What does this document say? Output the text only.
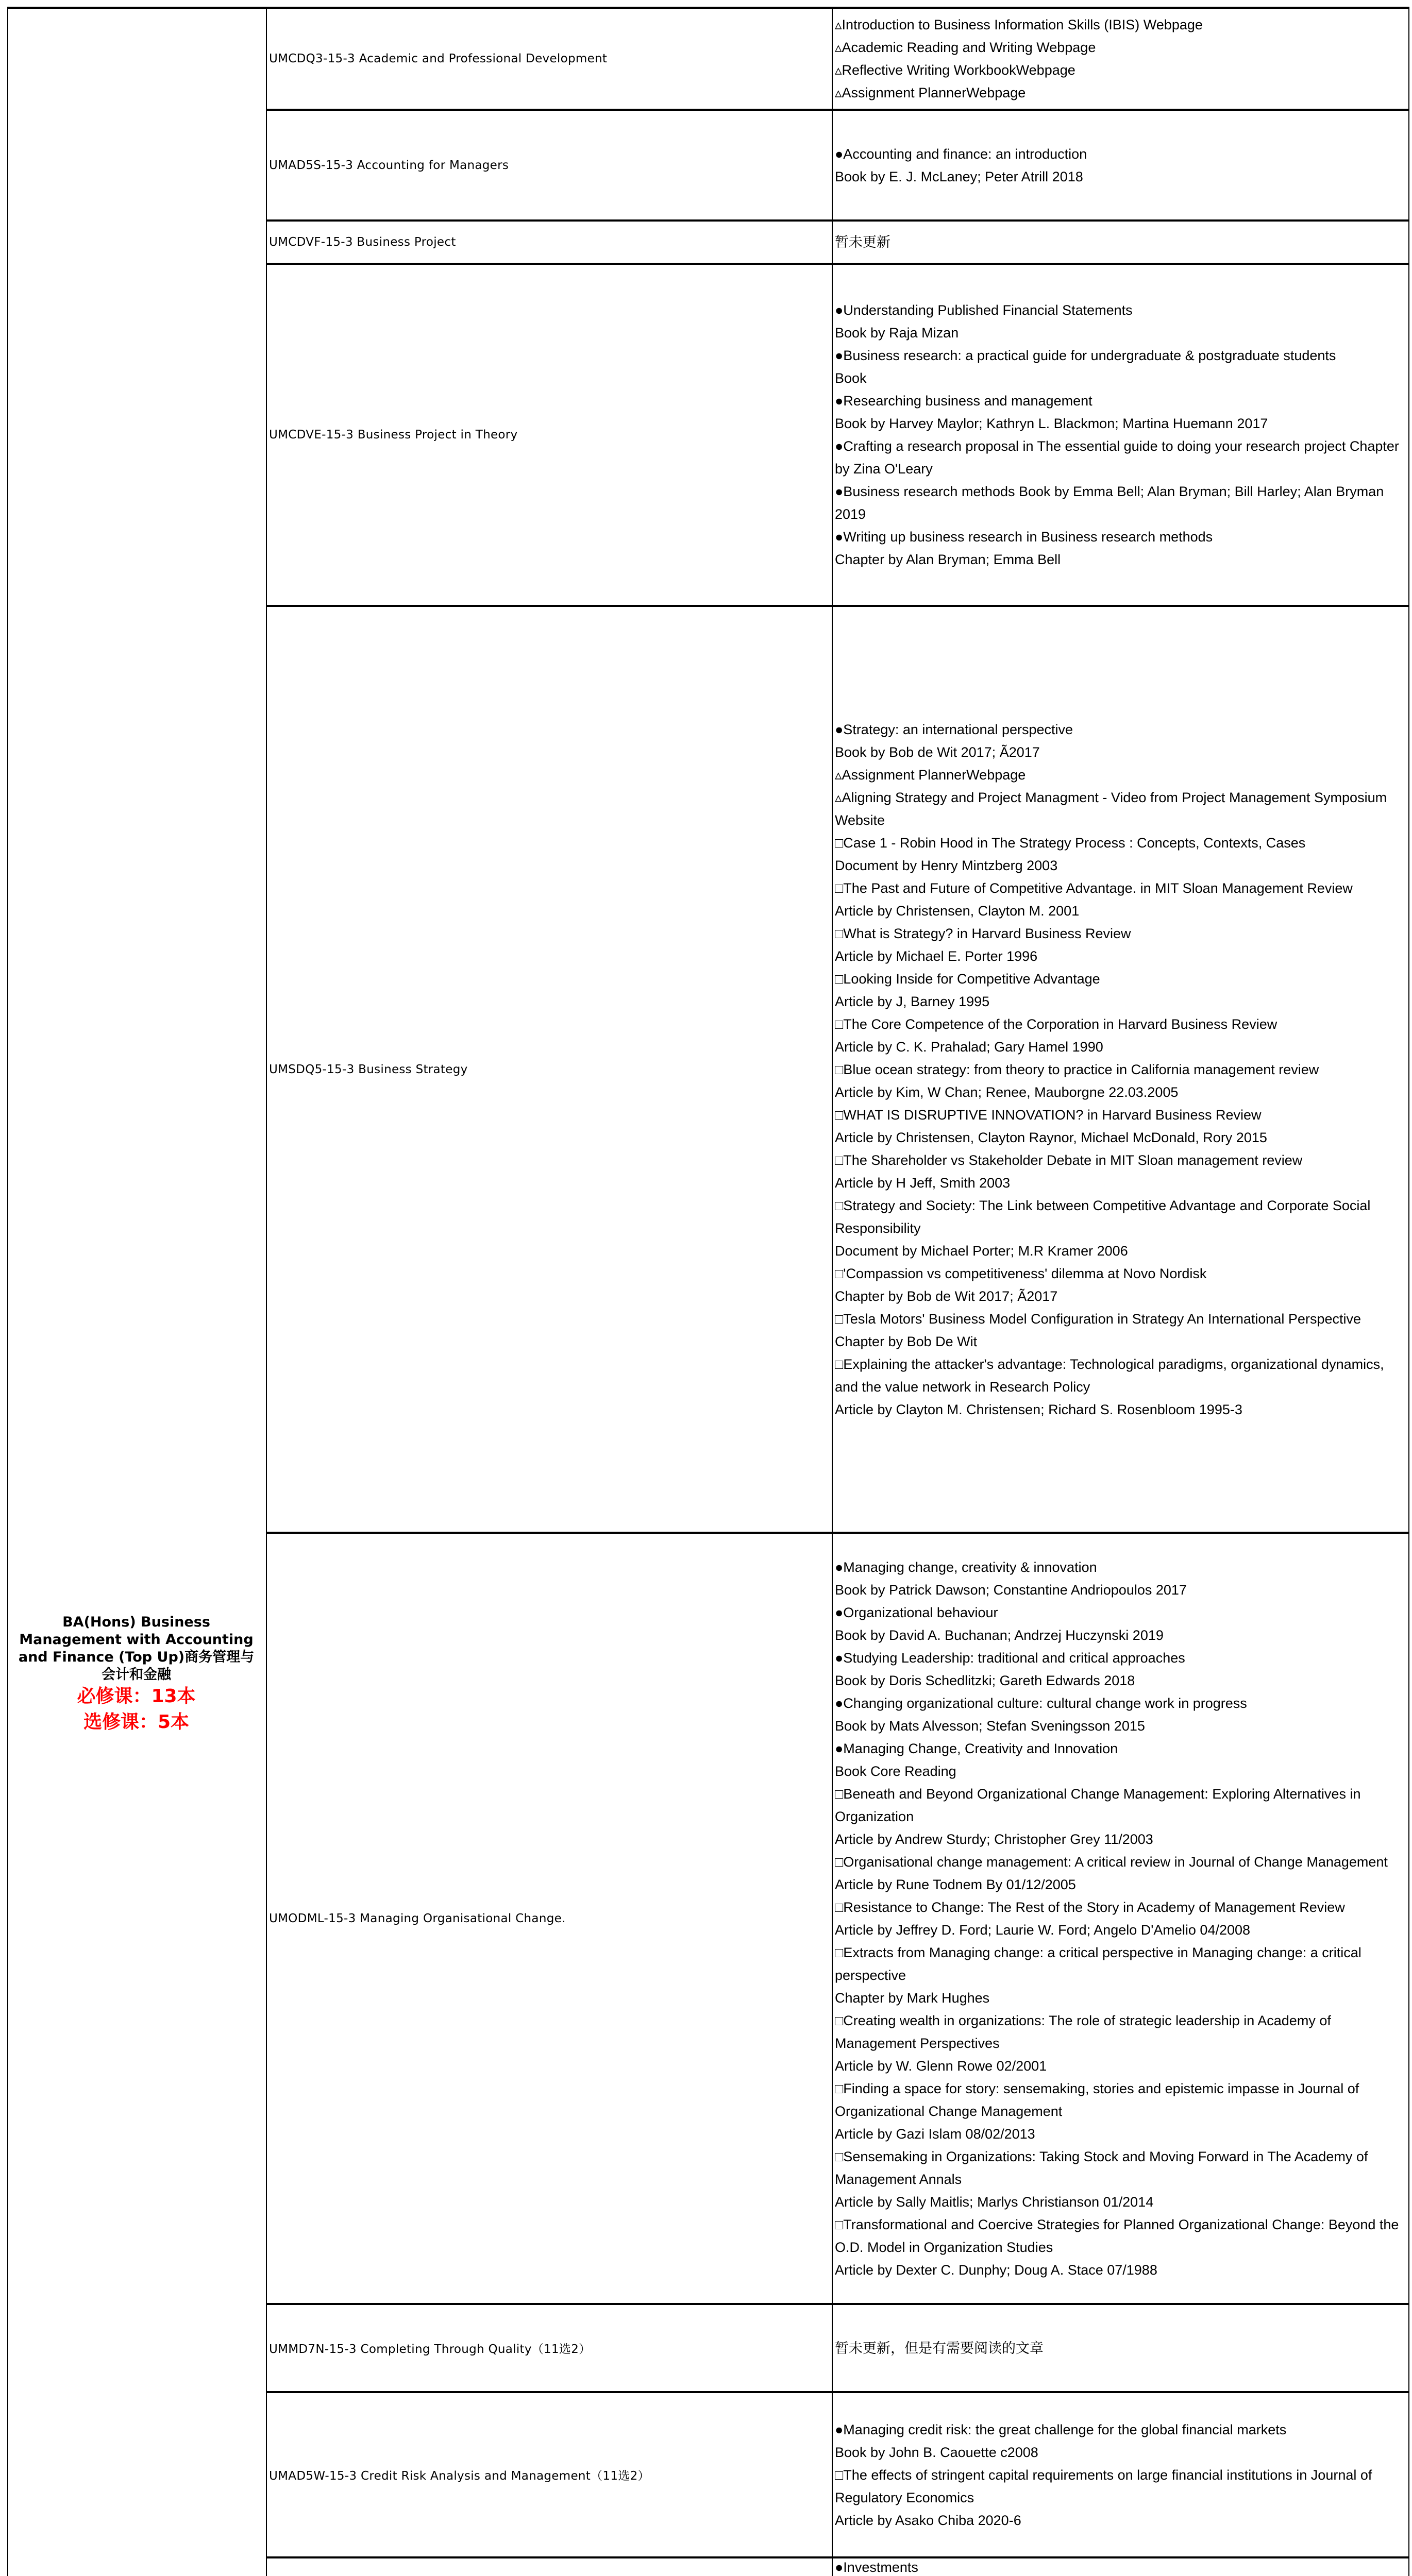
BA(Hons) Business Management with Accounting and Finance (Top Up)商务管理与会计和金融
必修课：13本
选修课：5本
UMCDQ3-15-3 Academic and Professional Development
▵Introduction to Business Information Skills (IBIS) Webpage
▵Academic Reading and Writing Webpage
▵Reflective Writing WorkbookWebpage
▵Assignment PlannerWebpage
UMAD5S-15-3 Accounting for Managers
●Accounting and finance: an introduction
Book by E. J. McLaney; Peter Atrill 2018
UMCDVF-15-3 Business Project	暂未更新
UMCDVE-15-3 Business Project in Theory
●Understanding Published Financial Statements
Book by Raja Mizan
●Business research: a practical guide for undergraduate & postgraduate students
Book
●Researching business and management
Book by Harvey Maylor; Kathryn L. Blackmon; Martina Huemann 2017
●Crafting a research proposal in The essential guide to doing your research project Chapter by Zina O'Leary
●Business research methods Book by Emma Bell; Alan Bryman; Bill Harley; Alan Bryman 2019
●Writing up business research in Business research methods
Chapter by Alan Bryman; Emma Bell
UMSDQ5-15-3 Business Strategy
●Strategy: an international perspective
Book by Bob de Wit 2017; Ã2017
▵Assignment PlannerWebpage
▵Aligning Strategy and Project Managment - Video from Project Management Symposium
Website
□Case 1 - Robin Hood in The Strategy Process : Concepts, Contexts, Cases
Document by Henry Mintzberg 2003
□The Past and Future of Competitive Advantage. in MIT Sloan Management Review
Article by Christensen, Clayton M. 2001
□What is Strategy? in Harvard Business Review
Article by Michael E. Porter 1996
□Looking Inside for Competitive Advantage
Article by J, Barney 1995
□The Core Competence of the Corporation in Harvard Business Review
Article by C. K. Prahalad; Gary Hamel 1990
□Blue ocean strategy: from theory to practice in California management review
Article by Kim, W Chan; Renee, Mauborgne 22.03.2005
□WHAT IS DISRUPTIVE INNOVATION? in Harvard Business Review
Article by Christensen, Clayton Raynor, Michael McDonald, Rory 2015
□The Shareholder vs Stakeholder Debate in MIT Sloan management review
Article by H Jeff, Smith 2003
□Strategy and Society: The Link between Competitive Advantage and Corporate Social Responsibility
Document by Michael Porter; M.R Kramer 2006
□'Compassion vs competitiveness' dilemma at Novo Nordisk
Chapter by Bob de Wit 2017; Ã2017
□Tesla Motors' Business Model Configuration in Strategy An International Perspective
Chapter by Bob De Wit
□Explaining the attacker's advantage: Technological paradigms, organizational dynamics, and the value network in Research Policy
Article by Clayton M. Christensen; Richard S. Rosenbloom 1995-3
UMODML-15-3 Managing Organisational Change.
●Managing change, creativity & innovation
Book by Patrick Dawson; Constantine Andriopoulos 2017
●Organizational behaviour
Book by David A. Buchanan; Andrzej Huczynski 2019
●Studying Leadership: traditional and critical approaches
Book by Doris Schedlitzki; Gareth Edwards 2018
●Changing organizational culture: cultural change work in progress
Book by Mats Alvesson; Stefan Sveningsson 2015
●Managing Change, Creativity and Innovation
Book Core Reading
□Beneath and Beyond Organizational Change Management: Exploring Alternatives in Organization
Article by Andrew Sturdy; Christopher Grey 11/2003
□Organisational change management: A critical review in Journal of Change Management
Article by Rune Todnem By 01/12/2005
□Resistance to Change: The Rest of the Story in Academy of Management Review
Article by Jeffrey D. Ford; Laurie W. Ford; Angelo D'Amelio 04/2008
□Extracts from Managing change: a critical perspective in Managing change: a critical perspective
Chapter by Mark Hughes
□Creating wealth in organizations: The role of strategic leadership in Academy of Management Perspectives
Article by W. Glenn Rowe 02/2001
□Finding a space for story: sensemaking, stories and epistemic impasse in Journal of Organizational Change Management
Article by Gazi Islam 08/02/2013
□Sensemaking in Organizations: Taking Stock and Moving Forward in The Academy of Management Annals
Article by Sally Maitlis; Marlys Christianson 01/2014
□Transformational and Coercive Strategies for Planned Organizational Change: Beyond the O.D. Model in Organization Studies
Article by Dexter C. Dunphy; Doug A. Stace 07/1988
UMMD7N-15-3 Completing Through Quality（11选2）	暂未更新，但是有需要阅读的文章
UMAD5W-15-3 Credit Risk Analysis and Management（11选2）
●Managing credit risk: the great challenge for the global financial markets
Book by John B. Caouette c2008
□The effects of stringent capital requirements on large financial institutions in Journal of Regulatory Economics
Article by Asako Chiba 2020-6
●Investments
